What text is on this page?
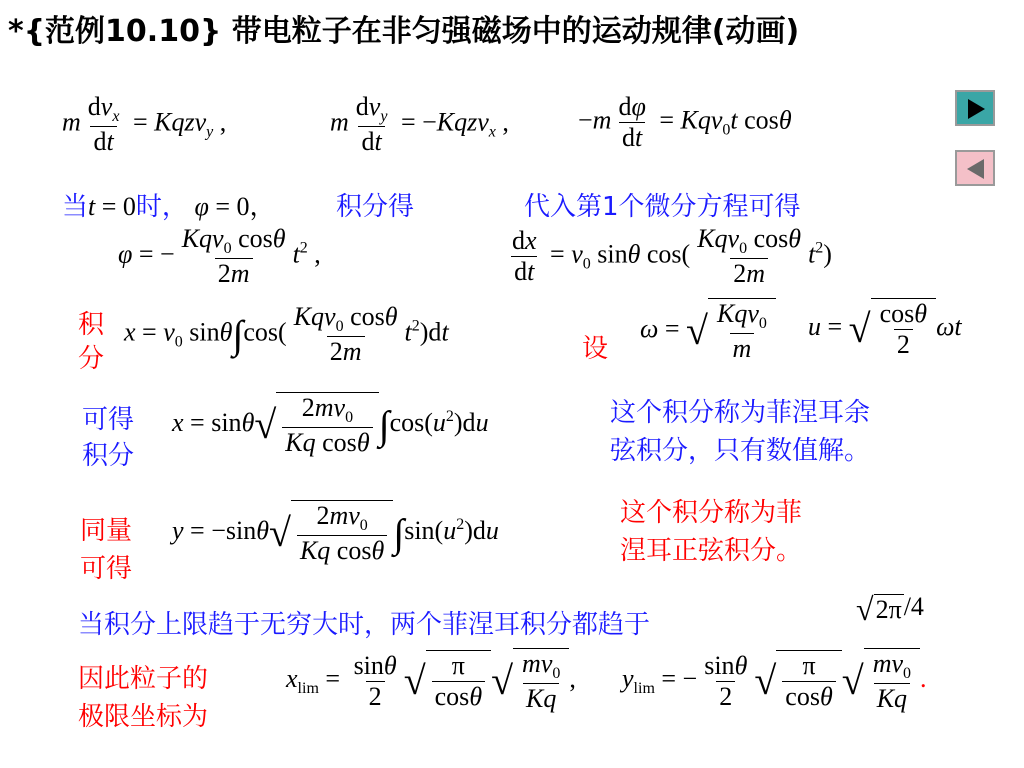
*{范例10.10} 带电粒子在非匀强磁场中的运动规律(动画)
m $\frac{dv_x}{dt}$ = Kqzv$_y$ ,	m $\frac{dv_y}{dt}$ = −Kqzv$_x$ ,	$-m \frac{d\varphi}{dt} = Kqv_0t$ cosθ
当t = 0时， φ = 0， 积分得	代入第1个微分方程可得
φ = − $\frac{Kqv_0 \cos\theta}{2m} t^2$ ,	$\frac{dx}{dt} = v_0$ sinθ $\cos( \frac{Kqv_0 \cos\theta}{2m} t^2)$
积
分
$x = v_0$ $\sin\theta\int\cos( \frac{Kqv_0 \cos\theta}{2m} t^2)dt$
设
ω = √ $\frac{Kqv_0}{m}$ u = √ $\frac{\cos\theta}{2}$ ωt
可得
积分
x = sinθ √ $\frac{2mv_0}{\text{Kq cosθ}} \int\cos(u^2)du$	这个积分称为菲涅耳余
弦积分，只有数值解。
同量
可得
y = −sinθ √ $\frac{2mv_0}{\text{Kq cosθ}} \int\sin(u^2)du$
这个积分称为菲
涅耳正弦积分。
当积分上限趋于无穷大时，两个菲涅耳积分都趋于	√ 2π /4
因此粒子的
极限坐标为
$x_{lim} = \frac{\sin\theta}{2}$ √ $\frac{\pi}{\cos\theta}$ √ $\frac{mv_0}{Kq}$ , $y_{lim}$ = − $\frac{\sin\theta}{2}$ √ $\frac{\pi}{\cos\theta}$ √ $\frac{mv_0}{Kq}$ .
